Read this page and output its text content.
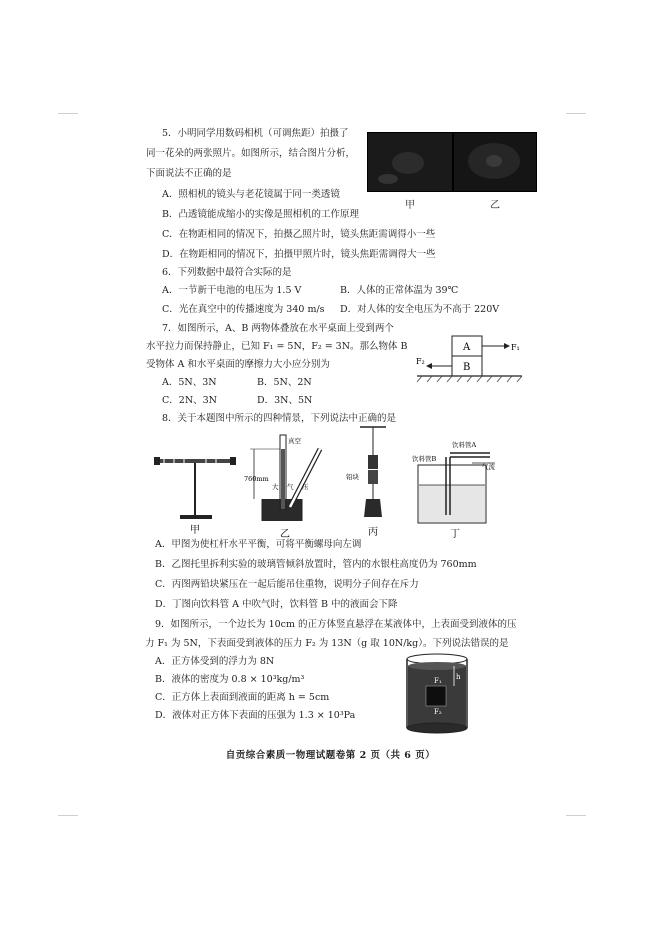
5．小明同学用数码相机（可调焦距）拍摄了
同一花朵的两张照片。如图所示，结合图片分析，
下面说法不正确的是
甲	乙
A．照相机的镜头与老花镜属于同一类透镜
B．凸透镜能成缩小的实像是照相机的工作原理
C．在物距相同的情况下，拍摄乙照片时，镜头焦距需调得小一些
D．在物距相同的情况下，拍摄甲照片时，镜头焦距需调得大一些
6．下列数据中最符合实际的是
A．一节新干电池的电压为 1.5 V	B．人体的正常体温为 39℃
C．光在真空中的传播速度为 340 m/s D．对人体的安全电压为不高于 220V
7．如图所示，A、B 两物体叠放在水平桌面上受到两个
水平拉力而保持静止，已知 F₁ = 5N，F₂ = 3N。那么物体 B
受物体 A 和水平桌面的摩擦力大小应分别为
A．5N、3N	B．5N、2N
C．2N、3N	D．3N、5N
A
B
F₁
F₂
8．关于本题图中所示的四种情景，下列说法中正确的是
甲
真空
760mm
大 气 压
乙
铅块
丙
饮料管A
气流
饮料管B
丁
A．甲图为使杠杆水平平衡，可将平衡螺母向左调
B．乙图托里拆利实验的玻璃管倾斜放置时，管内的水银柱高度仍为 760mm
C．丙图两铅块紧压在一起后能吊住重物，说明分子间存在斥力
D．丁图向饮料管 A 中吹气时，饮料管 B 中的液面会下降
9．如图所示，一个边长为 10cm 的正方体竖直悬浮在某液体中，上表面受到液体的压
力 F₁ 为 5N，下表面受到液体的压力 F₂ 为 13N（g 取 10N/kg）。下列说法错误的是
A．正方体受到的浮力为 8N
B．液体的密度为 0.8 × 10³kg/m³
C．正方体上表面到液面的距离 h = 5cm
D．液体对正方体下表面的压强为 1.3 × 10³Pa
h
F₁
F₂
自贡综合素质一物理试题卷第 2 页（共 6 页）
